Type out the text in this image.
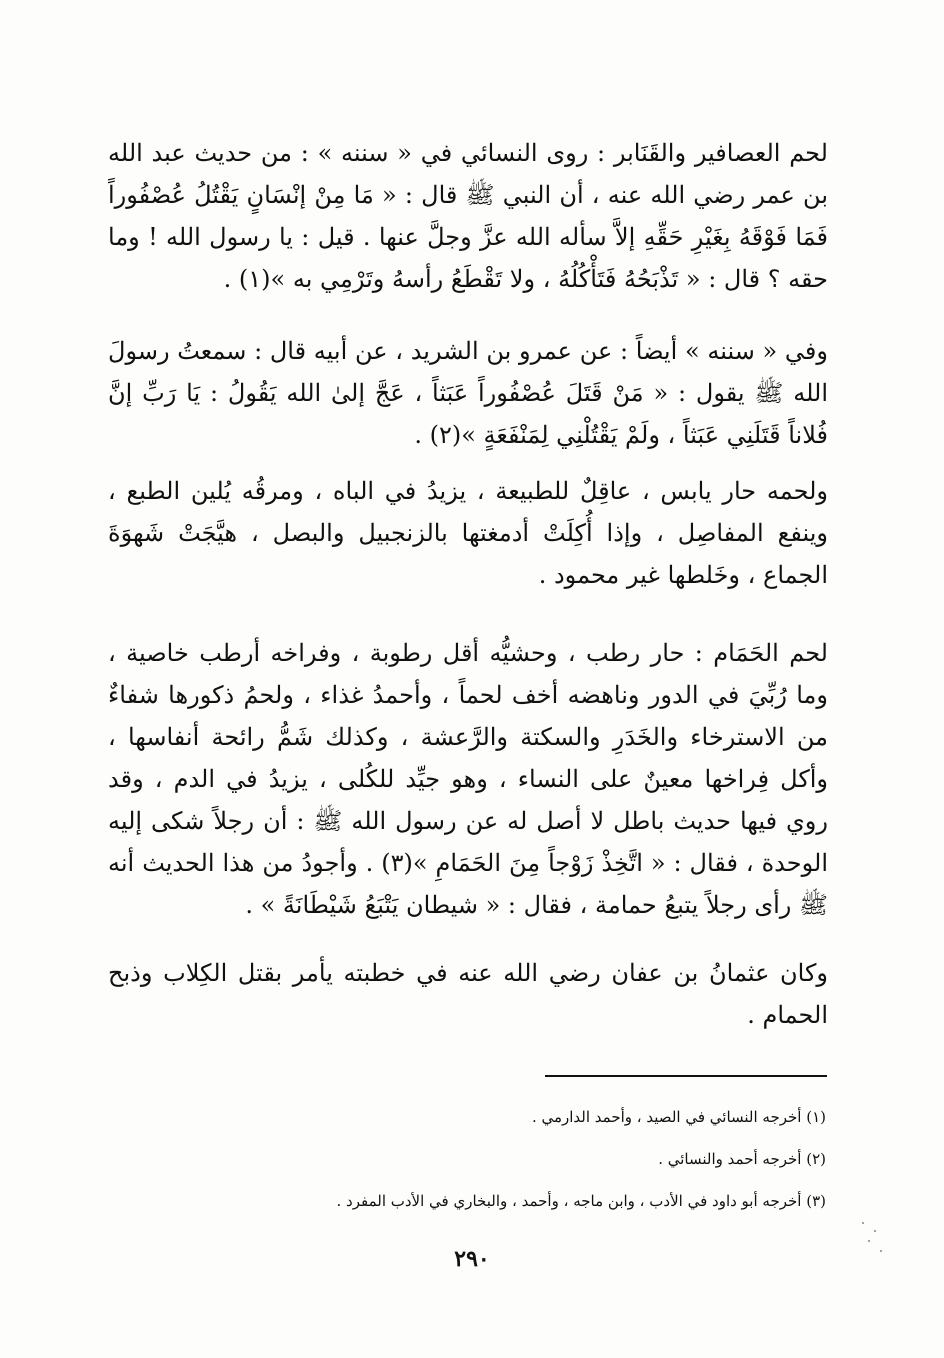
لحم العصافير والقَنَابر : روى النسائي في « سننه » : من حديث عبد الله بن عمر رضي الله عنه ، أن النبي ﷺ قال : « مَا مِنْ إنْسَانٍ يَقْتُلُ عُصْفُوراً فَمَا فَوْقَهُ بِغَيْرِ حَقِّهِ إلاَّ سأله الله عزَّ وجلَّ عنها . قيل : يا رسول الله ! وما حقه ؟ قال : « تَذْبَحُهُ فَتَأْكُلُهُ ، ولا تَقْطَعُ رأسهُ وتَرْمِي به »(١) .
وفي « سننه » أيضاً : عن عمرو بن الشريد ، عن أبيه قال : سمعتُ رسولَ الله ﷺ يقول : « مَنْ قَتَلَ عُصْفُوراً عَبَثاً ، عَجَّ إلىٰ الله يَقُولُ : يَا رَبِّ إنَّ فُلاناً قَتَلَنِي عَبَثاً ، ولَمْ يَقْتُلْنِي لِمَنْفَعَةٍ »(٢) .
ولحمه حار يابس ، عاقِلٌ للطبيعة ، يزيدُ في الباه ، ومرقُه يُلين الطبع ، وينفع المفاصِل ، وإذا أُكِلَتْ أدمغتها بالزنجبيل والبصل ، هيَّجَتْ شَهوَةَ الجماع ، وخَلطها غير محمود .
لحم الحَمَام : حار رطب ، وحشيُّه أقل رطوبة ، وفراخه أرطب خاصية ، وما رُبِّيَ في الدور وناهضه أخف لحماً ، وأحمدُ غذاء ، ولحمُ ذكورها شفاءٌ من الاسترخاء والخَدَرِ والسكتة والرَّعشة ، وكذلك شَمُّ رائحة أنفاسها ، وأكل فِراخها معينٌ على النساء ، وهو جيِّد للكُلى ، يزيدُ في الدم ، وقد روي فيها حديث باطل لا أصل له عن رسول الله ﷺ : أن رجلاً شكى إليه الوحدة ، فقال : « اتَّخِذْ زَوْجاً مِنَ الحَمَامِ »(٣) . وأجودُ من هذا الحديث أنه ﷺ رأى رجلاً يتبعُ حمامة ، فقال : « شيطان يَتْبَعُ شَيْطَانَةً » .
وكان عثمانُ بن عفان رضي الله عنه في خطبته يأمر بقتل الكِلاب وذبح الحمام .
(١) أخرجه النسائي في الصيد ، وأحمد الدارمي .
(٢) أخرجه أحمد والنسائي .
(٣) أخرجه أبو داود في الأدب ، وابن ماجه ، وأحمد ، والبخاري في الأدب المفرد .
٢٩٠
